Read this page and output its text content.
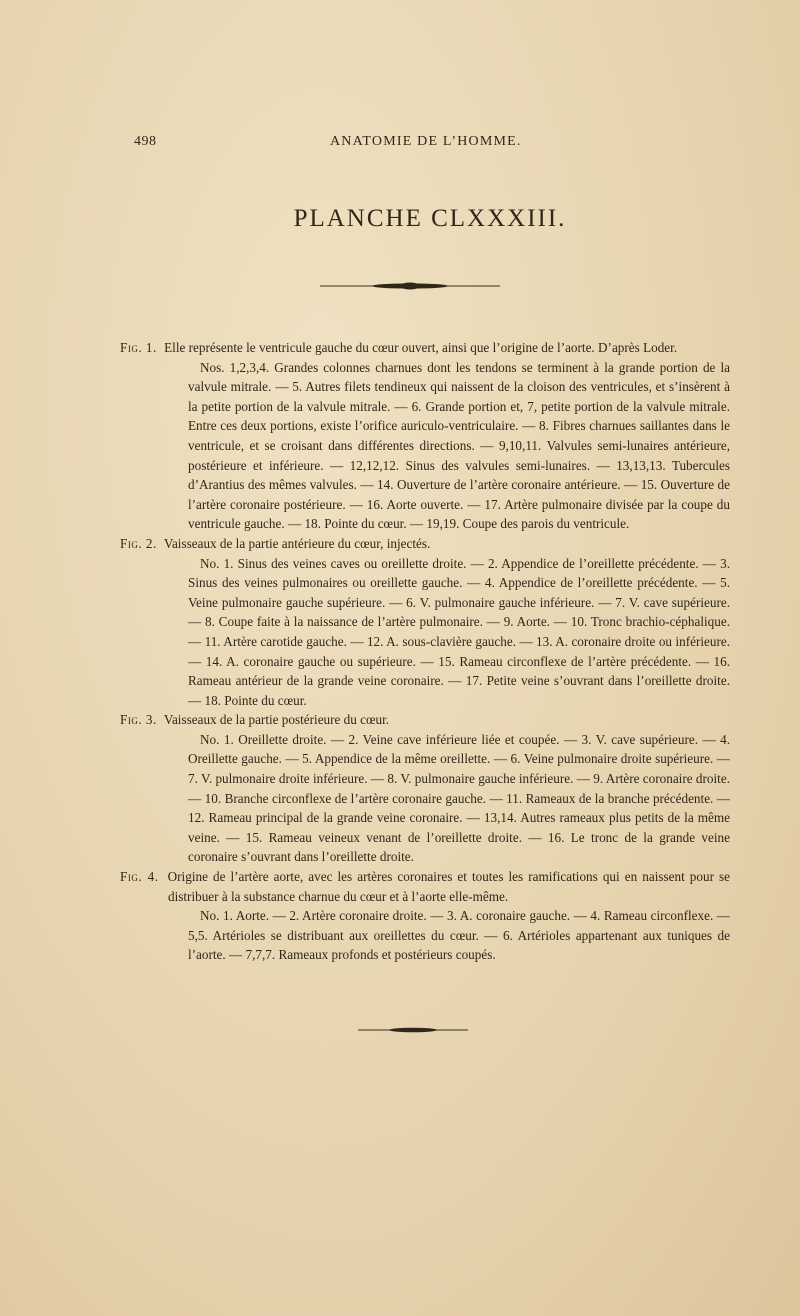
498	ANATOMIE DE L’HOMME.
PLANCHE CLXXXIII.

Fig. 1. Elle représente le ventricule gauche du cœur ouvert, ainsi que l’origine de l’aorte. D’après Loder.

Nos. 1,2,3,4. Grandes colonnes charnues dont les tendons se terminent à la grande portion de la valvule mitrale. — 5. Autres filets tendineux qui naissent de la cloison des ventricules, et s’insèrent à la petite portion de la valvule mitrale. — 6. Grande portion et, 7, petite portion de la valvule mitrale. Entre ces deux portions, existe l’orifice auriculo-ventriculaire. — 8. Fibres charnues saillantes dans le ventricule, et se croisant dans différentes directions. — 9,10,11. Valvules semi-lunaires antérieure, postérieure et inférieure. — 12,12,12. Sinus des valvules semi-lunaires. — 13,13,13. Tubercules d’Arantius des mêmes valvules. — 14. Ouverture de l’artère coronaire antérieure. — 15. Ouverture de l’artère coronaire postérieure. — 16. Aorte ouverte. — 17. Artère pulmonaire divisée par la coupe du ventricule gauche. — 18. Pointe du cœur. — 19,19. Coupe des parois du ventricule.

Fig. 2. Vaisseaux de la partie antérieure du cœur, injectés.

No. 1. Sinus des veines caves ou oreillette droite. — 2. Appendice de l’oreillette précédente. — 3. Sinus des veines pulmonaires ou oreillette gauche. — 4. Appendice de l’oreillette précédente. — 5. Veine pulmonaire gauche supérieure. — 6. V. pulmonaire gauche inférieure. — 7. V. cave supérieure. — 8. Coupe faite à la naissance de l’artère pulmonaire. — 9. Aorte. — 10. Tronc brachio-céphalique. — 11. Artère carotide gauche. — 12. A. sous-clavière gauche. — 13. A. coronaire droite ou inférieure. — 14. A. coronaire gauche ou supérieure. — 15. Rameau circonflexe de l’artère précédente. — 16. Rameau antérieur de la grande veine coronaire. — 17. Petite veine s’ouvrant dans l’oreillette droite. — 18. Pointe du cœur.

Fig. 3. Vaisseaux de la partie postérieure du cœur.

No. 1. Oreillette droite. — 2. Veine cave inférieure liée et coupée. — 3. V. cave supérieure. — 4. Oreillette gauche. — 5. Appendice de la même oreillette. — 6. Veine pulmonaire droite supérieure. — 7. V. pulmonaire droite inférieure. — 8. V. pulmonaire gauche inférieure. — 9. Artère coronaire droite. — 10. Branche circonflexe de l’artère coronaire gauche. — 11. Rameaux de la branche précédente. — 12. Rameau principal de la grande veine coronaire. — 13,14. Autres rameaux plus petits de la même veine. — 15. Rameau veineux venant de l’oreillette droite. — 16. Le tronc de la grande veine coronaire s’ouvrant dans l’oreillette droite.

Fig. 4. Origine de l’artère aorte, avec les artères coronaires et toutes les ramifications qui en naissent pour se distribuer à la substance charnue du cœur et à l’aorte elle-même.

No. 1. Aorte. — 2. Artère coronaire droite. — 3. A. coronaire gauche. — 4. Rameau circonflexe. — 5,5. Artérioles se distribuant aux oreillettes du cœur. — 6. Artérioles appartenant aux tuniques de l’aorte. — 7,7,7. Rameaux profonds et postérieurs coupés.
